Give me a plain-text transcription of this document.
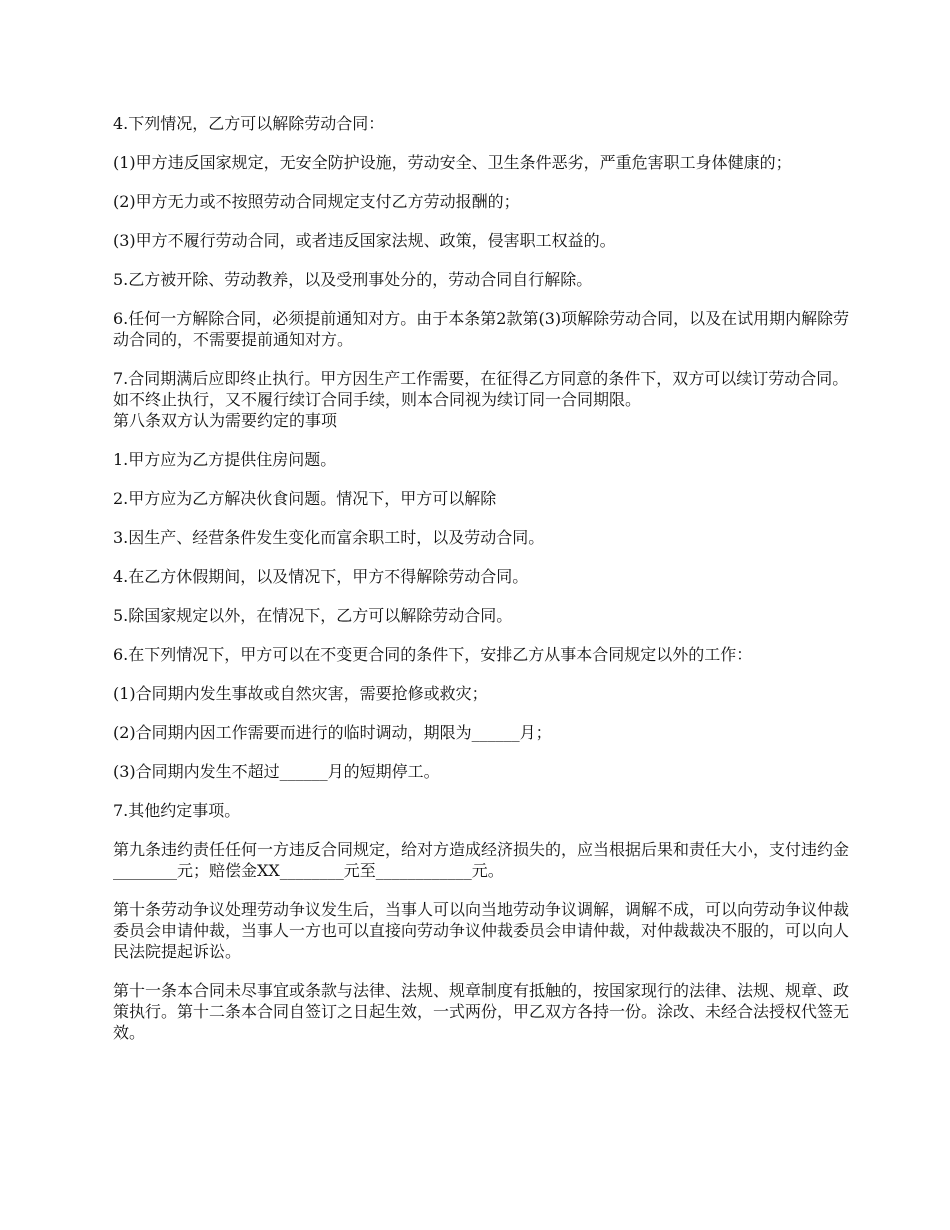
4.下列情况，乙方可以解除劳动合同：

(1)甲方违反国家规定，无安全防护设施，劳动安全、卫生条件恶劣，严重危害职工身体健康的；

(2)甲方无力或不按照劳动合同规定支付乙方劳动报酬的；

(3)甲方不履行劳动合同，或者违反国家法规、政策，侵害职工权益的。

5.乙方被开除、劳动教养，以及受刑事处分的，劳动合同自行解除。

6.任何一方解除合同，必须提前通知对方。由于本条第2款第(3)项解除劳动合同，以及在试用期内解除劳动合同的，不需要提前通知对方。

7.合同期满后应即终止执行。甲方因生产工作需要，在征得乙方同意的条件下，双方可以续订劳动合同。如不终止执行，又不履行续订合同手续，则本合同视为续订同一合同期限。

第八条双方认为需要约定的事项

1.甲方应为乙方提供住房问题。

2.甲方应为乙方解决伙食问题。情况下，甲方可以解除

3.因生产、经营条件发生变化而富余职工时，以及劳动合同。

4.在乙方休假期间，以及情况下，甲方不得解除劳动合同。

5.除国家规定以外，在情况下，乙方可以解除劳动合同。

6.在下列情况下，甲方可以在不变更合同的条件下，安排乙方从事本合同规定以外的工作：

(1)合同期内发生事故或自然灾害，需要抢修或救灾；

(2)合同期内因工作需要而进行的临时调动，期限为______月；

(3)合同期内发生不超过______月的短期停工。

7.其他约定事项。

第九条违约责任任何一方违反合同规定，给对方造成经济损失的，应当根据后果和责任大小，支付违约金________元；赔偿金XX________元至____________元。

第十条劳动争议处理劳动争议发生后，当事人可以向当地劳动争议调解，调解不成，可以向劳动争议仲裁委员会申请仲裁，当事人一方也可以直接向劳动争议仲裁委员会申请仲裁，对仲裁裁决不服的，可以向人民法院提起诉讼。

第十一条本合同未尽事宜或条款与法律、法规、规章制度有抵触的，按国家现行的法律、法规、规章、政策执行。第十二条本合同自签订之日起生效，一式两份，甲乙双方各持一份。涂改、未经合法授权代签无效。
